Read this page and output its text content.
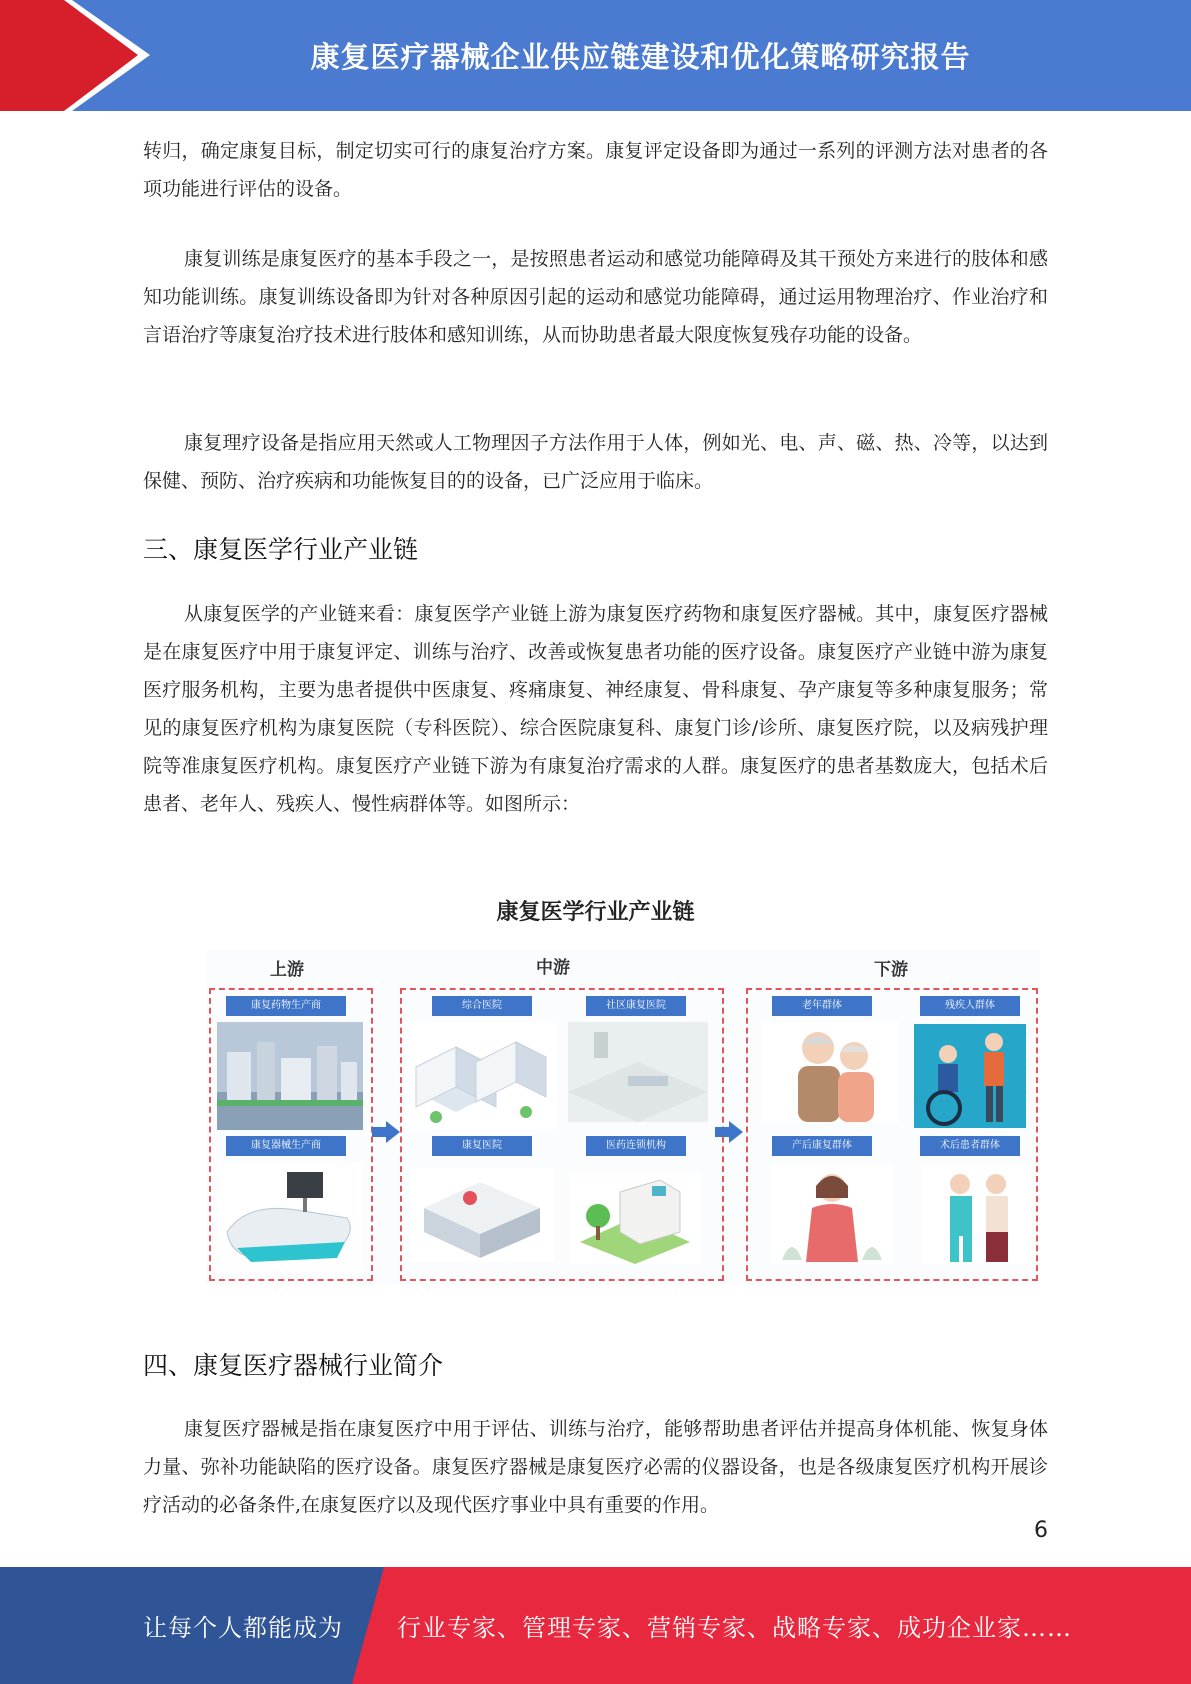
康复医疗器械企业供应链建设和优化策略研究报告
转归，确定康复目标，制定切实可行的康复治疗方案。康复评定设备即为通过一系列的评测方法对患者的各项功能进行评估的设备。
康复训练是康复医疗的基本手段之一，是按照患者运动和感觉功能障碍及其干预处方来进行的肢体和感知功能训练。康复训练设备即为针对各种原因引起的运动和感觉功能障碍，通过运用物理治疗、作业治疗和言语治疗等康复治疗技术进行肢体和感知训练，从而协助患者最大限度恢复残存功能的设备。
康复理疗设备是指应用天然或人工物理因子方法作用于人体，例如光、电、声、磁、热、冷等，以达到保健、预防、治疗疾病和功能恢复目的的设备，已广泛应用于临床。
三、康复医学行业产业链
从康复医学的产业链来看：康复医学产业链上游为康复医疗药物和康复医疗器械。其中，康复医疗器械是在康复医疗中用于康复评定、训练与治疗、改善或恢复患者功能的医疗设备。康复医疗产业链中游为康复医疗服务机构，主要为患者提供中医康复、疼痛康复、神经康复、骨科康复、孕产康复等多种康复服务；常见的康复医疗机构为康复医院（专科医院）、综合医院康复科、康复门诊/诊所、康复医疗院，以及病残护理院等准康复医疗机构。康复医疗产业链下游为有康复治疗需求的人群。康复医疗的患者基数庞大，包括术后患者、老年人、残疾人、慢性病群体等。如图所示：
康复医学行业产业链
上游	中游	下游
康复药物生产商
康复器械生产商
综合医院	社区康复医院
康复医院	医药连锁机构
老年群体	残疾人群体
产后康复群体	术后患者群体
四、康复医疗器械行业简介
康复医疗器械是指在康复医疗中用于评估、训练与治疗，能够帮助患者评估并提高身体机能、恢复身体力量、弥补功能缺陷的医疗设备。康复医疗器械是康复医疗必需的仪器设备，也是各级康复医疗机构开展诊疗活动的必备条件,在康复医疗以及现代医疗事业中具有重要的作用。
6
让每个人都能成为 行业专家、管理专家、营销专家、战略专家、成功企业家……
